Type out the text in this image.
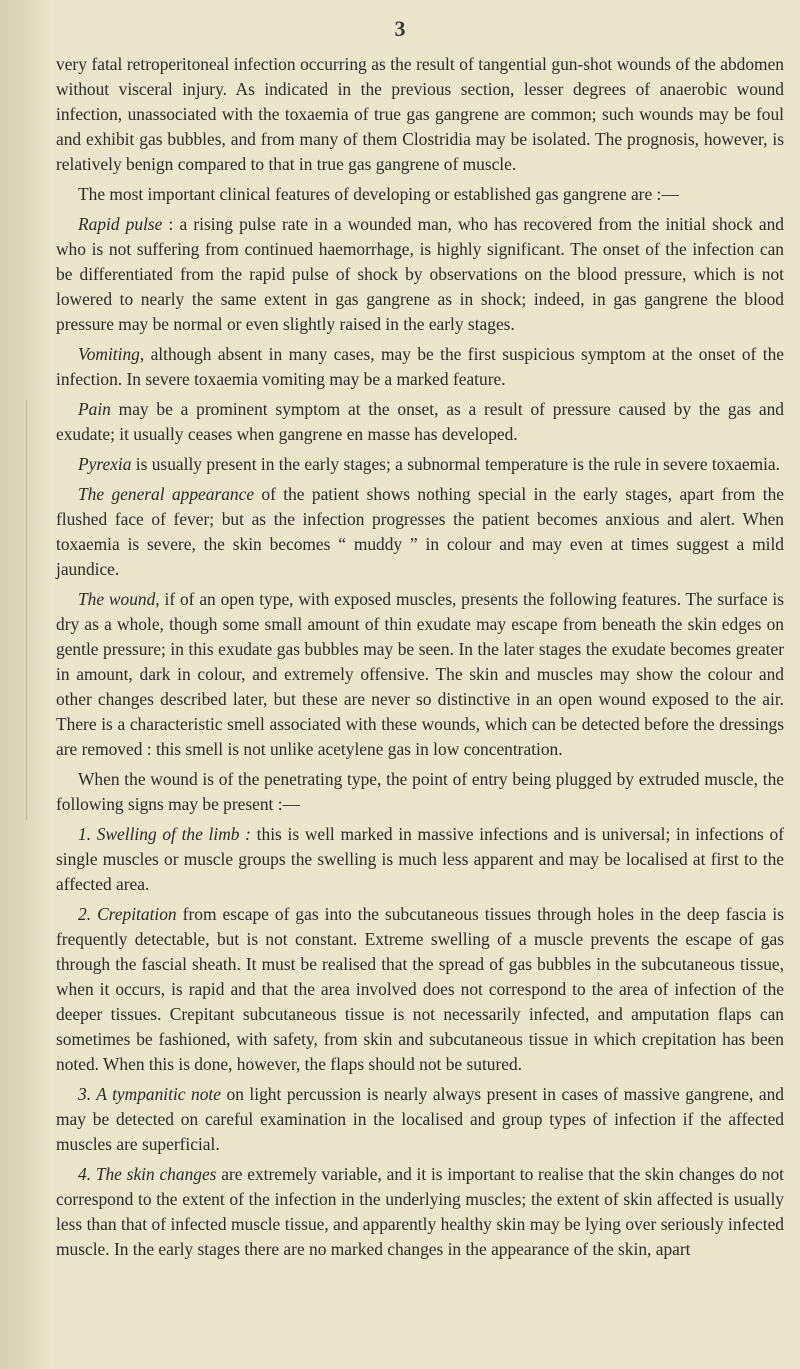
3

very fatal retroperitoneal infection occurring as the result of tangential gun-shot wounds of the abdomen without visceral injury. As indicated in the previous section, lesser degrees of anaerobic wound infection, unassociated with the toxaemia of true gas gangrene are common; such wounds may be foul and exhibit gas bubbles, and from many of them Clostridia may be isolated. The prognosis, however, is relatively benign compared to that in true gas gangrene of muscle.

The most important clinical features of developing or established gas gangrene are :—

Rapid pulse : a rising pulse rate in a wounded man, who has recovered from the initial shock and who is not suffering from continued haemorrhage, is highly significant. The onset of the infection can be differentiated from the rapid pulse of shock by observations on the blood pressure, which is not lowered to nearly the same extent in gas gangrene as in shock; indeed, in gas gangrene the blood pressure may be normal or even slightly raised in the early stages.

Vomiting, although absent in many cases, may be the first suspicious symptom at the onset of the infection. In severe toxaemia vomiting may be a marked feature.

Pain may be a prominent symptom at the onset, as a result of pressure caused by the gas and exudate; it usually ceases when gangrene en masse has developed.

Pyrexia is usually present in the early stages; a subnormal temperature is the rule in severe toxaemia.

The general appearance of the patient shows nothing special in the early stages, apart from the flushed face of fever; but as the infection progresses the patient becomes anxious and alert. When toxaemia is severe, the skin becomes “ muddy ” in colour and may even at times suggest a mild jaundice.

The wound, if of an open type, with exposed muscles, presents the following features. The surface is dry as a whole, though some small amount of thin exudate may escape from beneath the skin edges on gentle pressure; in this exudate gas bubbles may be seen. In the later stages the exudate becomes greater in amount, dark in colour, and extremely offensive. The skin and muscles may show the colour and other changes described later, but these are never so distinctive in an open wound exposed to the air. There is a characteristic smell associated with these wounds, which can be detected before the dressings are removed : this smell is not unlike acetylene gas in low concentration.

When the wound is of the penetrating type, the point of entry being plugged by extruded muscle, the following signs may be present :—

1. Swelling of the limb : this is well marked in massive infections and is universal; in infections of single muscles or muscle groups the swelling is much less apparent and may be localised at first to the affected area.

2. Crepitation from escape of gas into the subcutaneous tissues through holes in the deep fascia is frequently detectable, but is not constant. Extreme swelling of a muscle prevents the escape of gas through the fascial sheath. It must be realised that the spread of gas bubbles in the subcutaneous tissue, when it occurs, is rapid and that the area involved does not correspond to the area of infection of the deeper tissues. Crepitant subcutaneous tissue is not necessarily infected, and amputation flaps can sometimes be fashioned, with safety, from skin and subcutaneous tissue in which crepitation has been noted. When this is done, however, the flaps should not be sutured.

3. A tympanitic note on light percussion is nearly always present in cases of massive gangrene, and may be detected on careful examination in the localised and group types of infection if the affected muscles are superficial.

4. The skin changes are extremely variable, and it is important to realise that the skin changes do not correspond to the extent of the infection in the underlying muscles; the extent of skin affected is usually less than that of infected muscle tissue, and apparently healthy skin may be lying over seriously infected muscle. In the early stages there are no marked changes in the appearance of the skin, apart
